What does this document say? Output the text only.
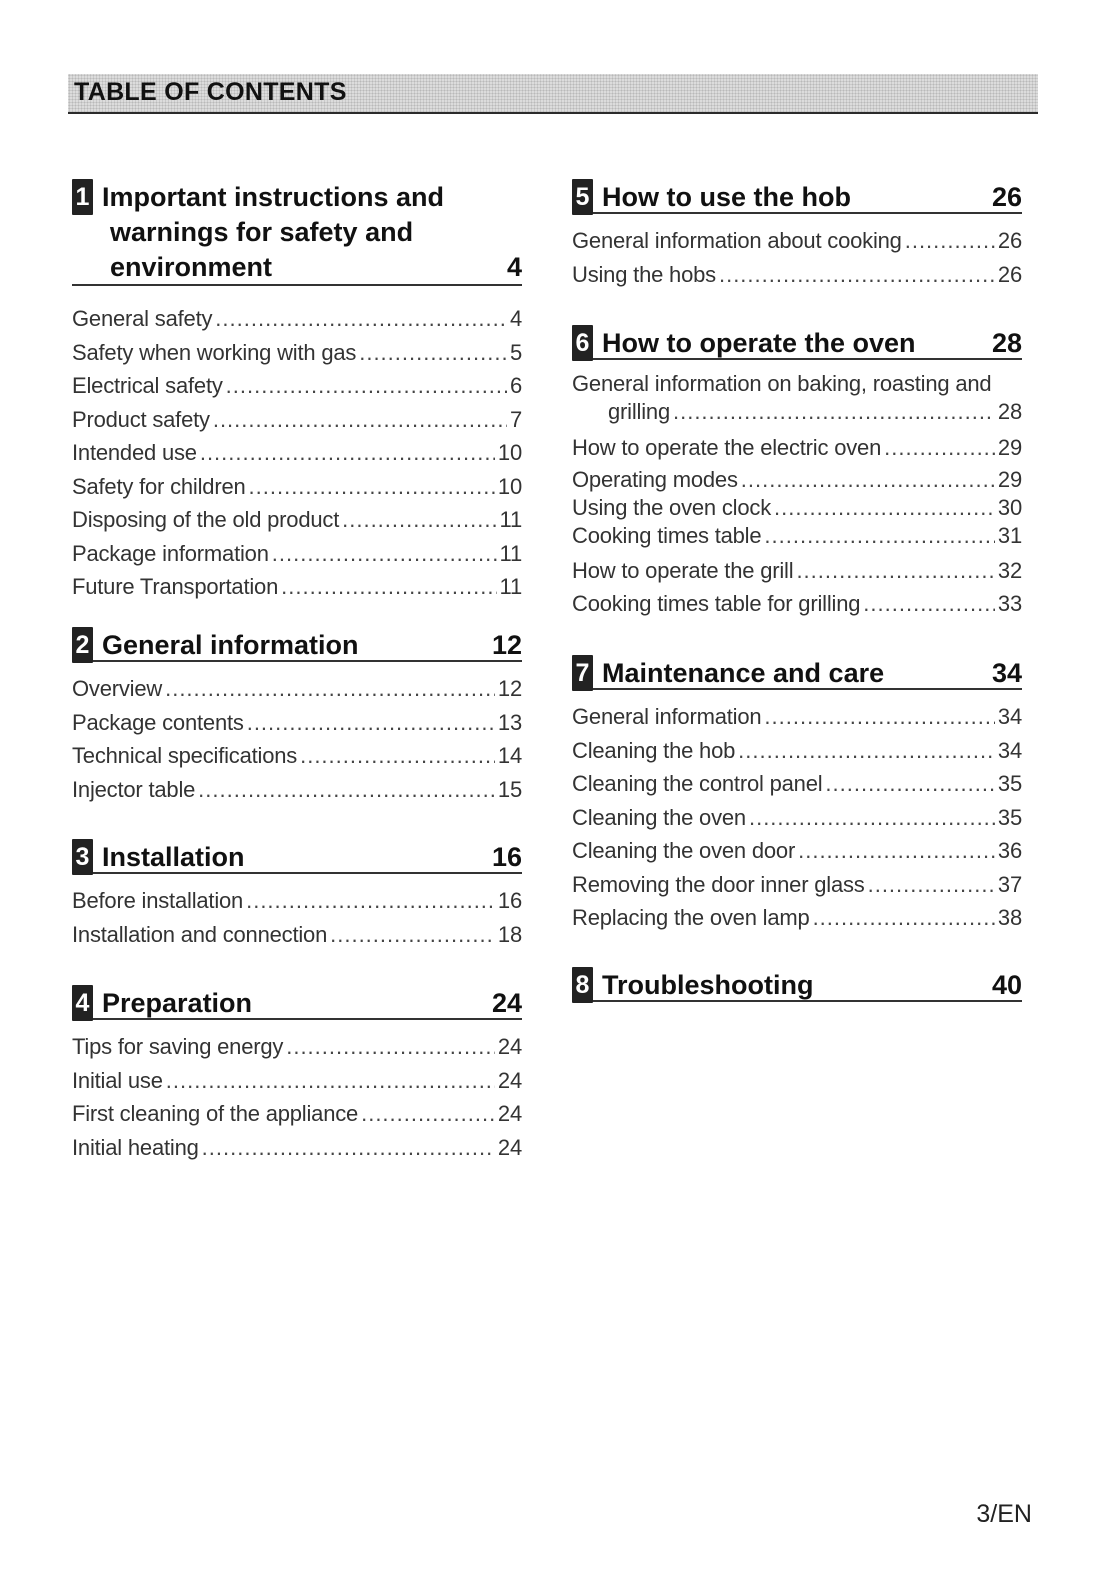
TABLE OF CONTENTS
1 Important instructions and
warnings for safety and
environment	4
General safety .....	4
Safety when working with gas .....	5
Electrical safety .....	6
Product safety .....	7
Intended use .....	10
Safety for children .....	10
Disposing of the old product .....	11
Package information .....	11
Future Transportation .....	11
2 General information	12
Overview .....	12
Package contents .....	13
Technical specifications .....	14
Injector table .....	15
3 Installation	16
Before installation .....	16
Installation and connection .....	18
4 Preparation	24
Tips for saving energy .....	24
Initial use .....	24
First cleaning of the appliance .....	24
Initial heating .....	24
5 How to use the hob	26
General information about cooking .....	26
Using the hobs .....	26
6 How to operate the oven	28
General information on baking, roasting and
grilling .....	28
How to operate the electric oven .....	29
Operating modes .....	29
Using the oven clock .....	30
Cooking times table .....	31
How to operate the grill .....	32
Cooking times table for grilling .....	33
7 Maintenance and care	34
General information .....	34
Cleaning the hob .....	34
Cleaning the control panel .....	35
Cleaning the oven .....	35
Cleaning the oven door .....	36
Removing the door inner glass .....	37
Replacing the oven lamp .....	38
8 Troubleshooting	40
3/EN
